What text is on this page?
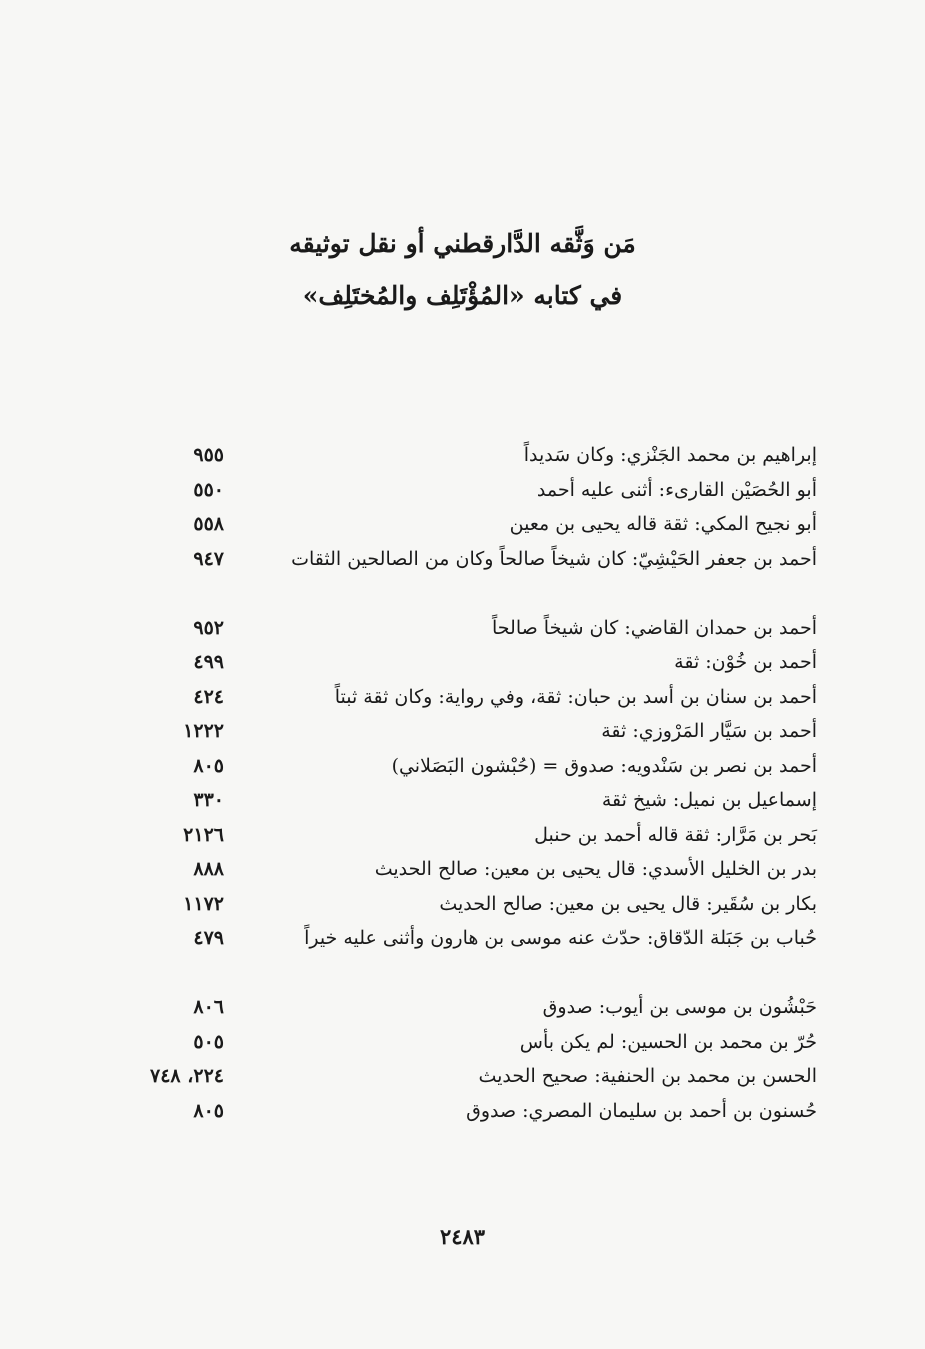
مَن وَثَّقه الدَّارقطني أو نقل توثيقه
في كتابه «المُؤْتَلِف والمُختَلِف»
إبراهيم بن محمد الجَنْزي: وكان سَديداً
٩٥٥
أبو الحُصَيْن القارىء: أثنى عليه أحمد
٥٥٠
أبو نجيح المكي: ثقة قاله يحيى بن معين
٥٥٨
أحمد بن جعفر الحَيْشِيّ: كان شيخاً صالحاً وكان من الصالحين الثقات
٩٤٧
أحمد بن حمدان القاضي: كان شيخاً صالحاً
٩٥٢
أحمد بن خُوْن: ثقة
٤٩٩
أحمد بن سنان بن أسد بن حبان: ثقة، وفي رواية: وكان ثقة ثبتاً
٤٢٤
أحمد بن سَيَّار المَرْوزي: ثقة
١٢٢٢
أحمد بن نصر بن سَنْدويه: صدوق = (حُبْشون البَصَلاني)
٨٠٥
إسماعيل بن نميل: شيخ ثقة
٣٣٠
بَحر بن مَرَّار: ثقة قاله أحمد بن حنبل
٢١٢٦
بدر بن الخليل الأسدي: قال يحيى بن معين: صالح الحديث
٨٨٨
بكار بن سُقَير: قال يحيى بن معين: صالح الحديث
١١٧٢
حُباب بن جَبَلة الدّقاق: حدّث عنه موسى بن هارون وأثنى عليه خيراً
٤٧٩
حَبْشُون بن موسى بن أيوب: صدوق
٨٠٦
حُرّ بن محمد بن الحسين: لم يكن بأس
٥٠٥
الحسن بن محمد بن الحنفية: صحيح الحديث
٢٢٤، ٧٤٨
حُسنون بن أحمد بن سليمان المصري: صدوق
٨٠٥
٢٤٨٣
